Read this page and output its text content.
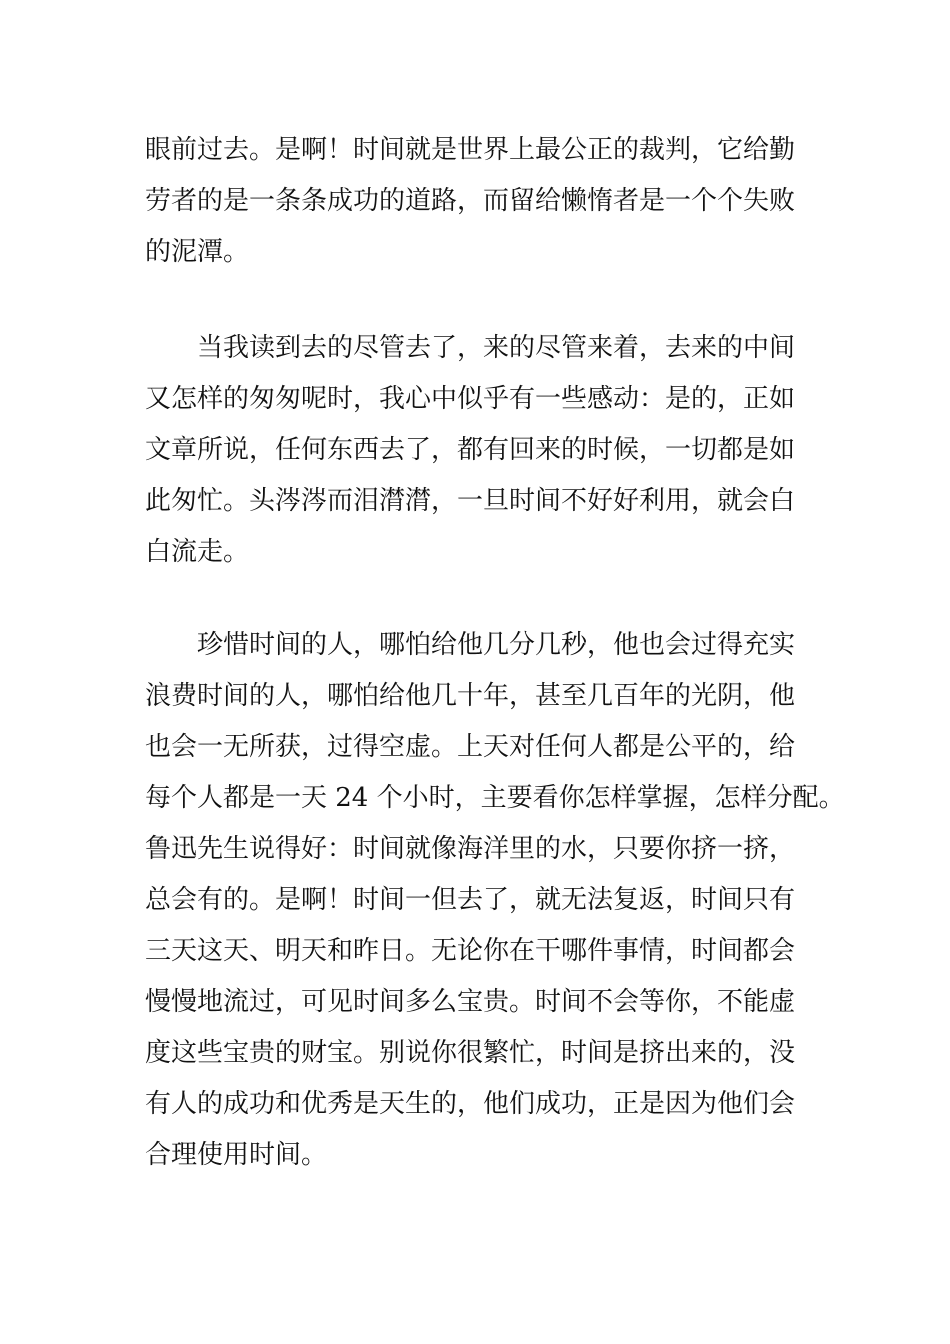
眼前过去。是啊！时间就是世界上最公正的裁判，它给勤
劳者的是一条条成功的道路，而留给懒惰者是一个个失败
的泥潭。
　　当我读到去的尽管去了，来的尽管来着，去来的中间
又怎样的匆匆呢时，我心中似乎有一些感动：是的，正如
文章所说，任何东西去了，都有回来的时候，一切都是如
此匆忙。头涔涔而泪潸潸，一旦时间不好好利用，就会白
白流走。
　　珍惜时间的人，哪怕给他几分几秒，他也会过得充实
浪费时间的人，哪怕给他几十年，甚至几百年的光阴，他
也会一无所获，过得空虚。上天对任何人都是公平的，给
每个人都是一天 24 个小时，主要看你怎样掌握，怎样分配。
鲁迅先生说得好：时间就像海洋里的水，只要你挤一挤，
总会有的。是啊！时间一但去了，就无法复返，时间只有
三天这天、明天和昨日。无论你在干哪件事情，时间都会
慢慢地流过，可见时间多么宝贵。时间不会等你，不能虚
度这些宝贵的财宝。别说你很繁忙，时间是挤出来的，没
有人的成功和优秀是天生的，他们成功，正是因为他们会
合理使用时间。
